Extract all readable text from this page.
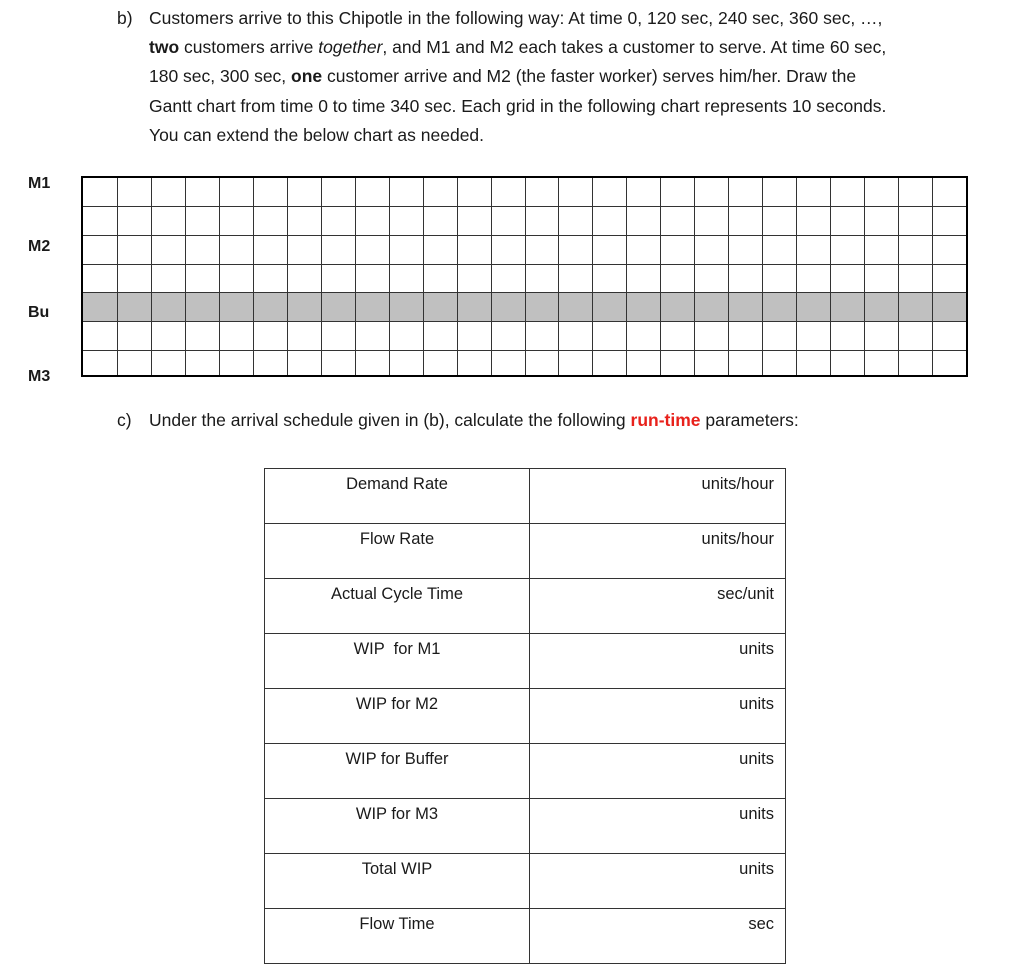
b) Customers arrive to this Chipotle in the following way: At time 0, 120 sec, 240 sec, 360 sec, …,
two customers arrive together, and M1 and M2 each takes a customer to serve. At time 60 sec,
180 sec, 300 sec, one customer arrive and M2 (the faster worker) serves him/her. Draw the
Gantt chart from time 0 to time 340 sec. Each grid in the following chart represents 10 seconds.
You can extend the below chart as needed.
M1
M2
Bu
M3
c) Under the arrival schedule given in (b), calculate the following run-time parameters:
Demand Rate	units/hour
Flow Rate	units/hour
Actual Cycle Time	sec/unit
WIP  for M1	units
WIP for M2	units
WIP for Buffer	units
WIP for M3	units
Total WIP	units
Flow Time	sec
